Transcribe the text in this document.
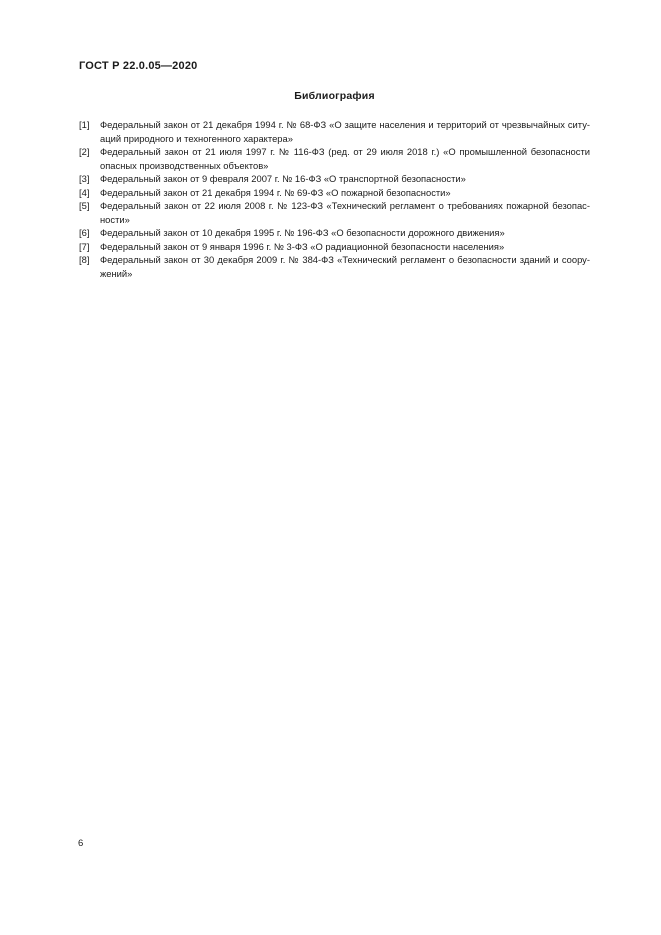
ГОСТ Р 22.0.05—2020
Библиография
[1] Федеральный закон от 21 декабря 1994 г. № 68-ФЗ «О защите населения и территорий от чрезвычайных ситу-
аций природного и техногенного характера»
[2] Федеральный закон от 21 июля 1997 г. № 116-ФЗ (ред. от 29 июля 2018 г.) «О промышленной безопасности
опасных производственных объектов»
[3] Федеральный закон от 9 февраля 2007 г. № 16-ФЗ «О транспортной безопасности»
[4] Федеральный закон от 21 декабря 1994 г. № 69-ФЗ «О пожарной безопасности»
[5] Федеральный закон от 22 июля 2008 г. № 123-ФЗ «Технический регламент о требованиях пожарной безопас-
ности»
[6] Федеральный закон от 10 декабря 1995 г. № 196-ФЗ «О безопасности дорожного движения»
[7] Федеральный закон от 9 января 1996 г. № 3-ФЗ «О радиационной безопасности населения»
[8] Федеральный закон от 30 декабря 2009 г. № 384-ФЗ «Технический регламент о безопасности зданий и соору-
жений»
6
